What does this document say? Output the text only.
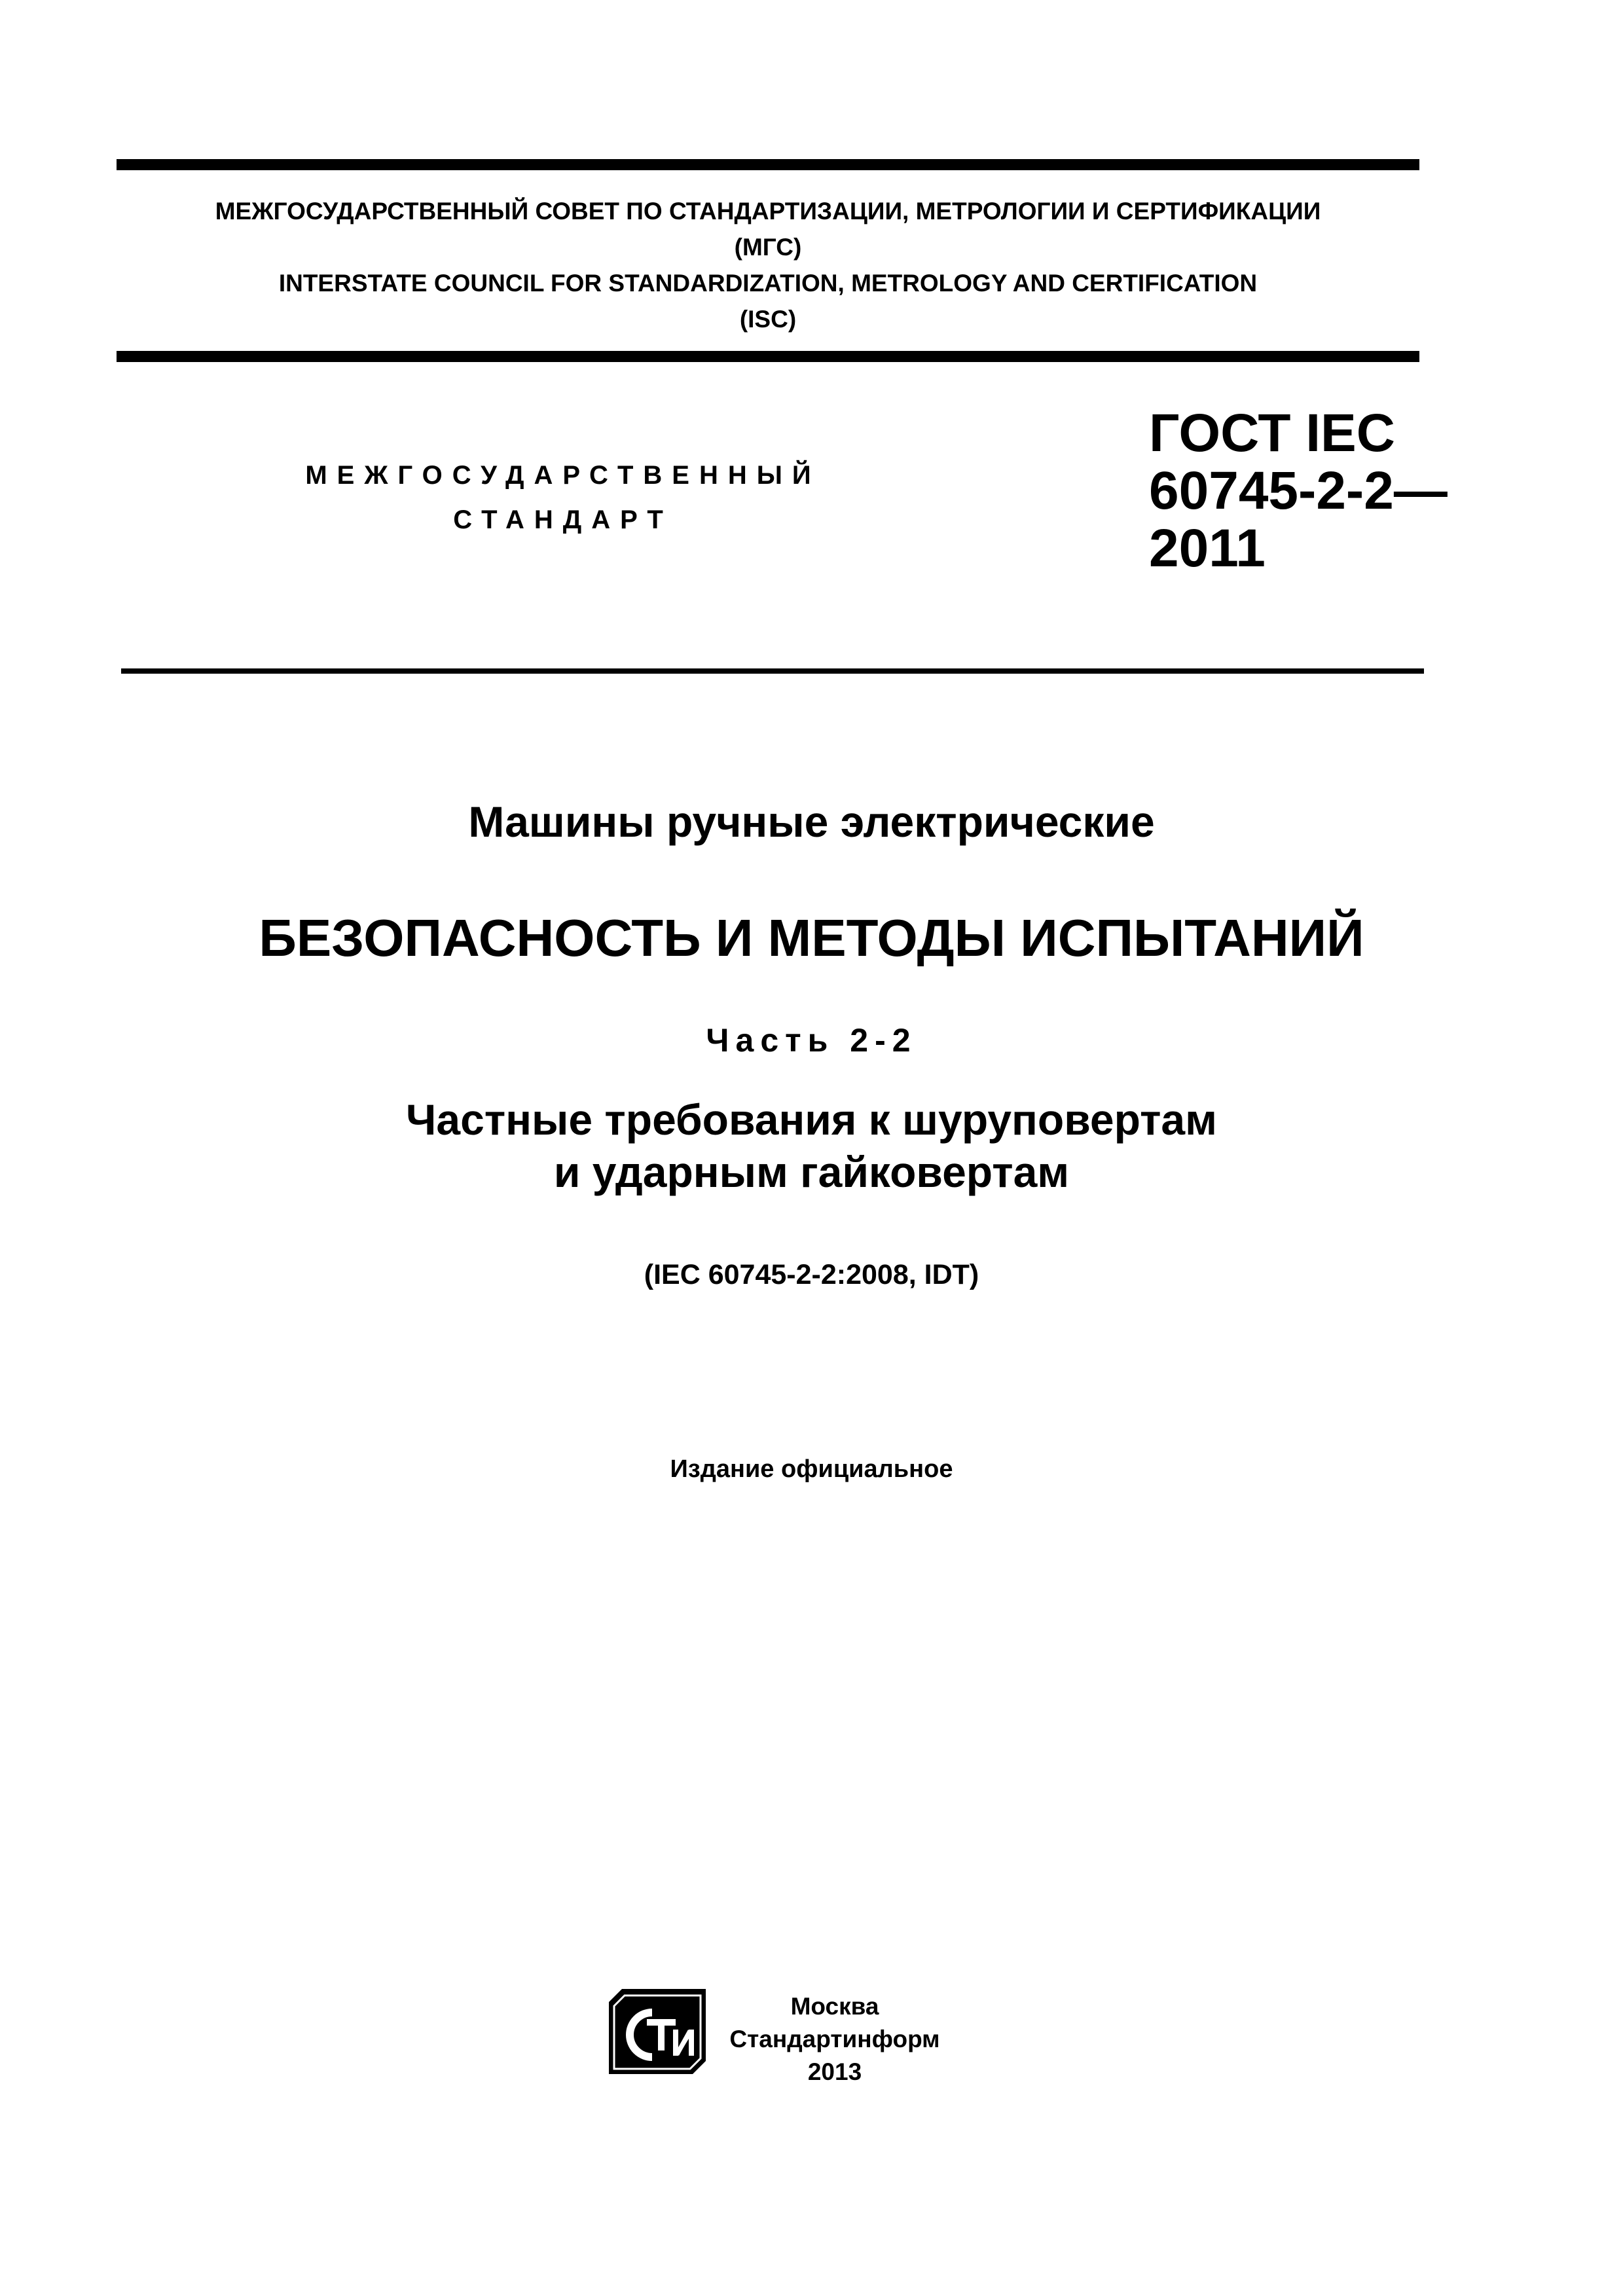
МЕЖГОСУДАРСТВЕННЫЙ СОВЕТ ПО СТАНДАРТИЗАЦИИ, МЕТРОЛОГИИ И СЕРТИФИКАЦИИ
(МГС)
INTERSTATE COUNCIL FOR STANDARDIZATION, METROLOGY AND CERTIFICATION
(ISC)
МЕЖГОСУДАРСТВЕННЫЙ
СТАНДАРТ
ГОСТ IEC
60745-2-2—
2011
Машины ручные электрические
БЕЗОПАСНОСТЬ И МЕТОДЫ ИСПЫТАНИЙ
Часть 2-2
Частные требования к шуруповертам
и ударным гайковертам
(IEC 60745-2-2:2008, IDT)
Издание официальное
Москва
Стандартинформ
2013
